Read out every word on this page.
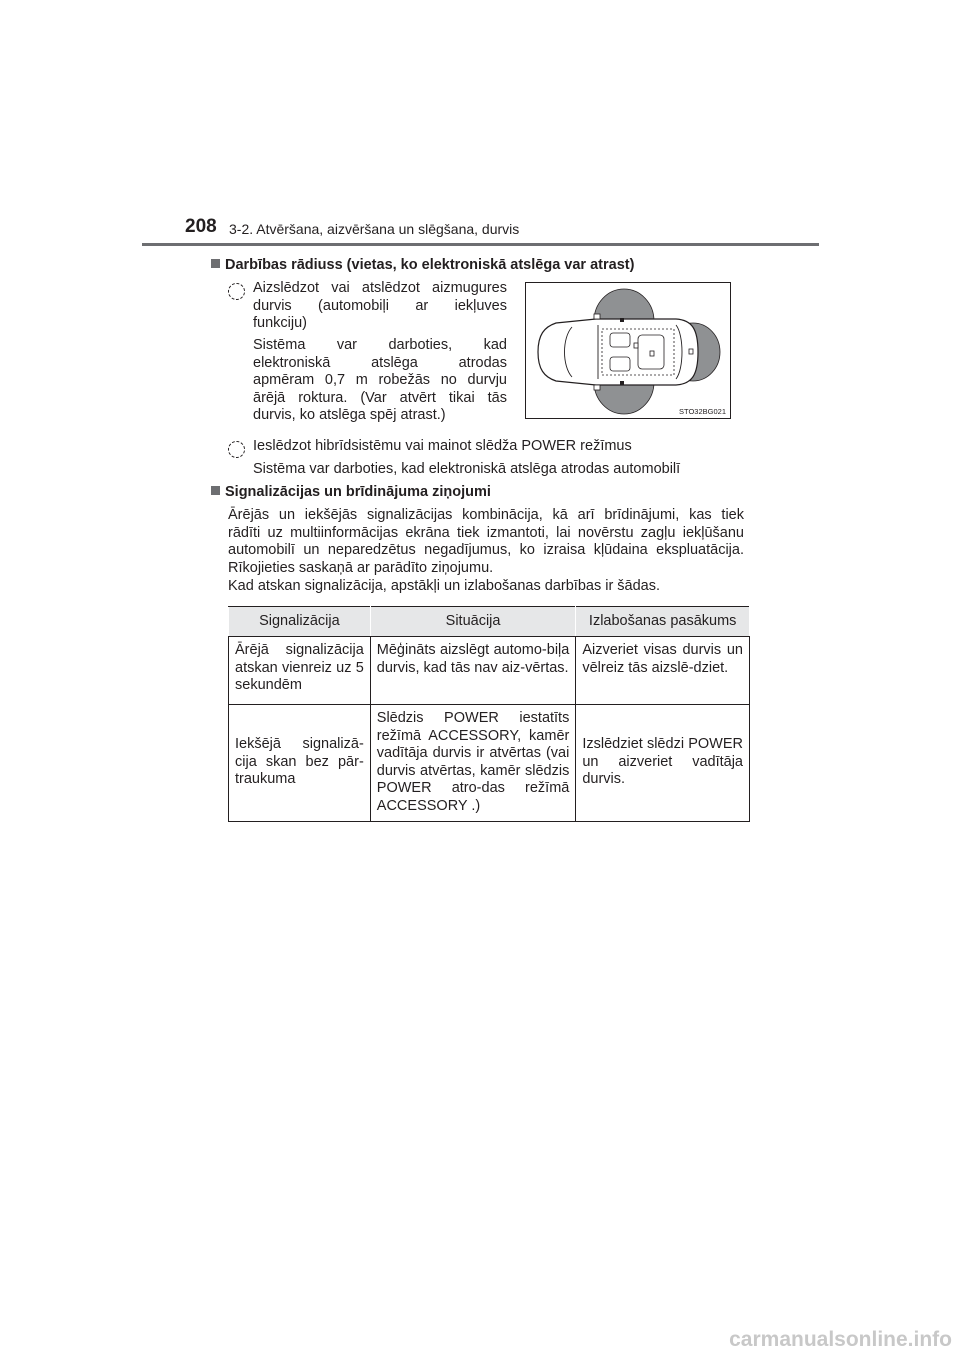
208 3-2. Atvēršana, aizvēršana un slēgšana, durvis
Darbības rādiuss (vietas, ko elektroniskā atslēga var atrast)
Aizslēdzot vai atslēdzot aizmugures
durvis (automobiļi ar iekļuves
funkciju)
Sistēma var darboties, kad
elektroniskā atslēga atrodas
apmēram 0,7 m robežās no durvju
ārējā roktura. (Var atvērt tikai tās
durvis, ko atslēga spēj atrast.)	STO32BG021
Ieslēdzot hibrīdsistēmu vai mainot slēdža POWER režīmus
Sistēma var darboties, kad elektroniskā atslēga atrodas automobilī
Signalizācijas un brīdinājuma ziņojumi
Ārējās un iekšējās signalizācijas kombinācija, kā arī brīdinājumi, kas tiek
rādīti uz multiinformācijas ekrāna tiek izmantoti, lai novērstu zagļu iekļūšanu
automobilī un neparedzētus negadījumus, ko izraisa kļūdaina ekspluatācija.
Rīkojieties saskaņā ar parādīto ziņojumu.
Kad atskan signalizācija, apstākļi un izlabošanas darbības ir šādas.
Signalizācija	Situācija	Izlabošanas pasākums
Ārējā signalizācija atskan vienreiz uz 5 sekundēm	Mēģināts aizslēgt automo-biļa durvis, kad tās nav aiz-vērtas.	Aizveriet visas durvis un vēlreiz tās aizslē-dziet.
Iekšējā signalizā-cija skan bez pār-traukuma	Slēdzis POWER iestatīts režīmā ACCESSORY, kamēr vadītāja durvis ir atvērtas (vai durvis atvērtas, kamēr slēdzis POWER atro-das režīmā ACCESSORY .)	Izslēdziet slēdzi POWER un aizveriet vadītāja durvis.
carmanualsonline.info
